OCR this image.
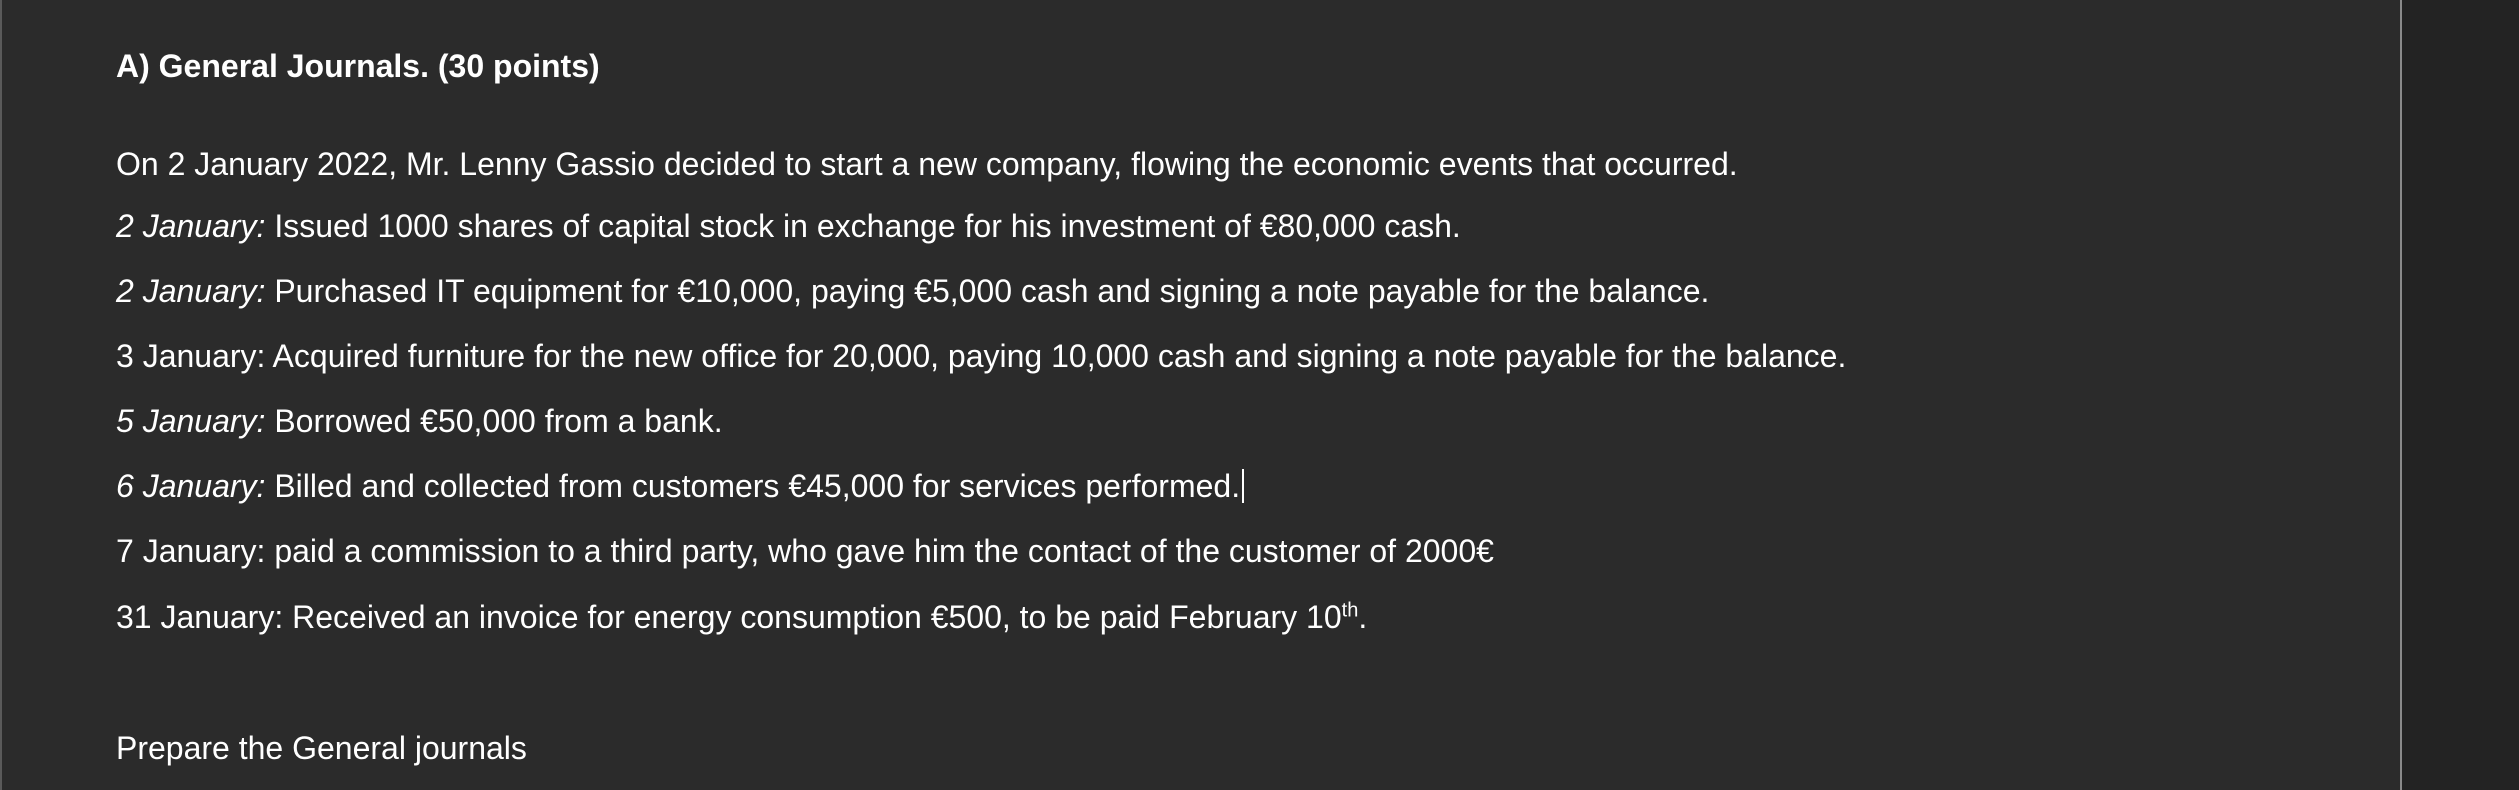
A) General Journals. (30 points)
On 2 January 2022, Mr. Lenny Gassio decided to start a new company, flowing the economic events that occurred.
2 January: Issued 1000 shares of capital stock in exchange for his investment of €80,000 cash.
2 January: Purchased IT equipment for €10,000, paying €5,000 cash and signing a note payable for the balance.
3 January: Acquired furniture for the new office for 20,000, paying 10,000 cash and signing a note payable for the balance.
5 January: Borrowed €50,000 from a bank.
6 January: Billed and collected from customers €45,000 for services performed.
7 January: paid a commission to a third party, who gave him the contact of the customer of 2000€
31 January: Received an invoice for energy consumption €500, to be paid February 10th.
Prepare the General journals
